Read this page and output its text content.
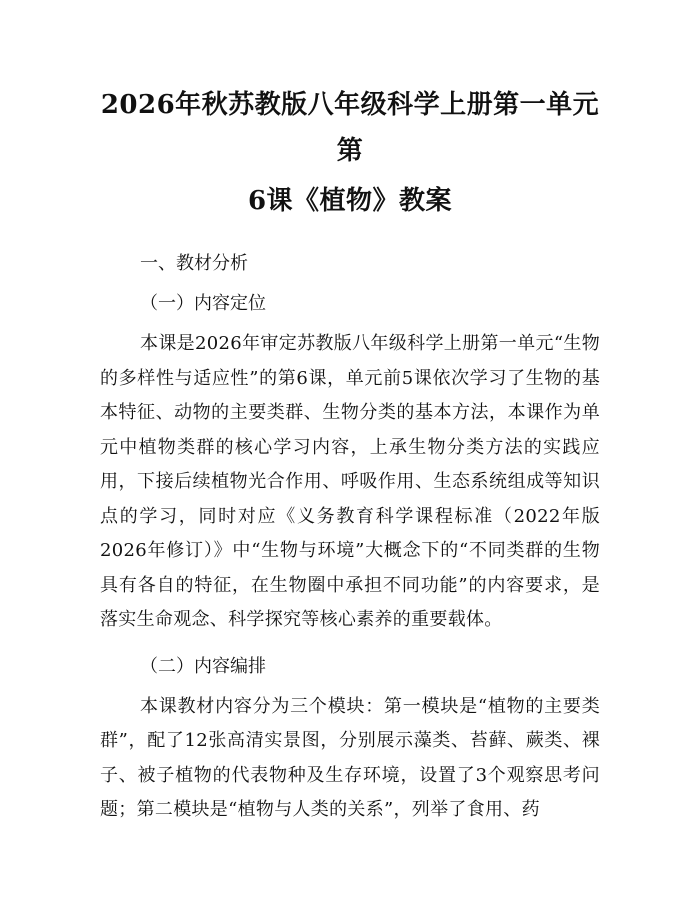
2026年秋苏教版八年级科学上册第一单元第
6课《植物》教案

一、教材分析

（一）内容定位

本课是2026年审定苏教版八年级科学上册第一单元“生物的多样性与适应性”的第6课，单元前5课依次学习了生物的基本特征、动物的主要类群、生物分类的基本方法，本课作为单元中植物类群的核心学习内容，上承生物分类方法的实践应用，下接后续植物光合作用、呼吸作用、生态系统组成等知识点的学习，同时对应《义务教育科学课程标准（2022年版2026年修订）》中“生物与环境”大概念下的“不同类群的生物具有各自的特征，在生物圈中承担不同功能”的内容要求，是落实生命观念、科学探究等核心素养的重要载体。

（二）内容编排

本课教材内容分为三个模块：第一模块是“植物的主要类群”，配了12张高清实景图，分别展示藻类、苔藓、蕨类、裸子、被子植物的代表物种及生存环境，设置了3个观察思考问题；第二模块是“植物与人类的关系”，列举了食用、药
